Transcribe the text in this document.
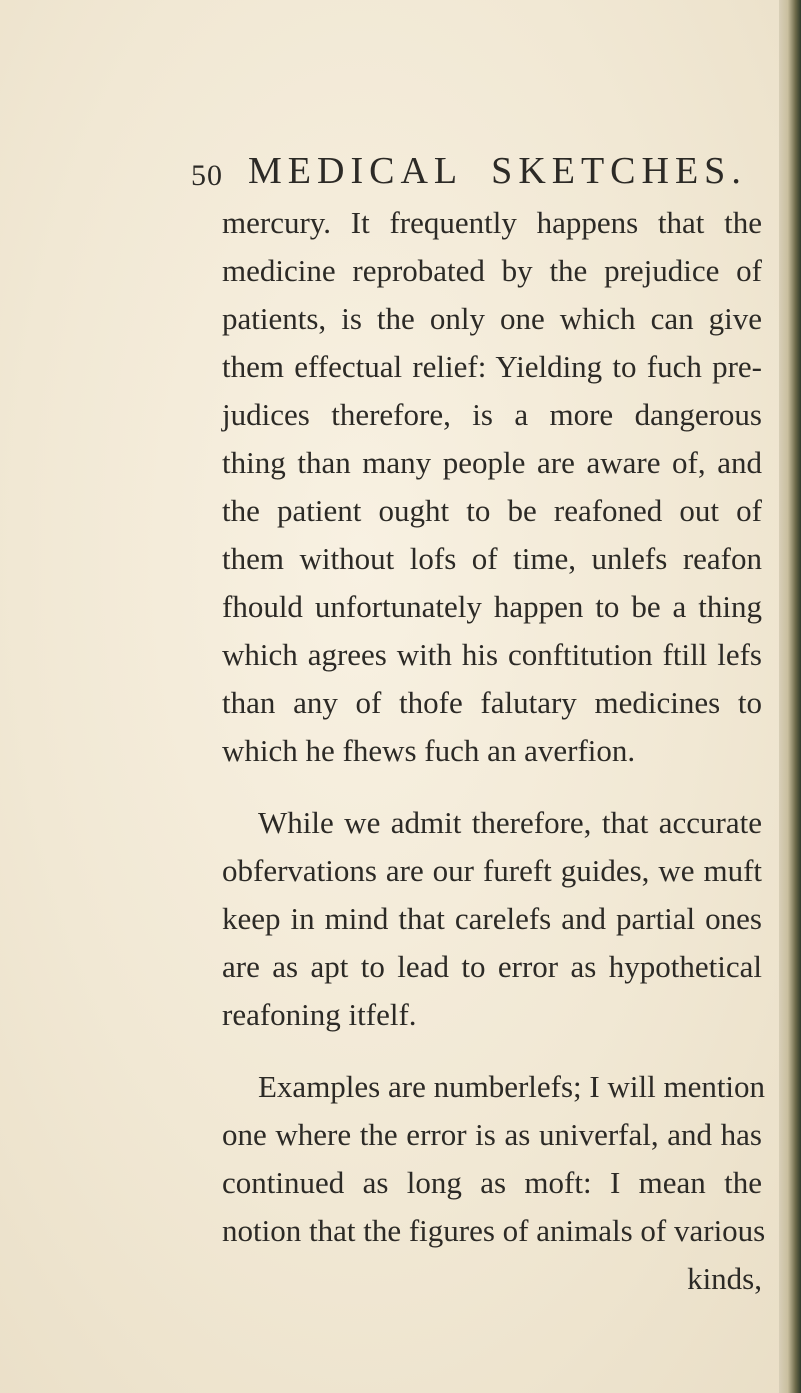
50 MEDICAL SKETCHES.
mercury. It frequently happens that the
medicine reprobated by the prejudice of
patients, is the only one which can give
them effectual relief: Yielding to fuch pre-
judices therefore, is a more dangerous
thing than many people are aware of, and
the patient ought to be reafoned out of
them without lofs of time, unlefs reafon
fhould unfortunately happen to be a thing
which agrees with his conftitution ftill lefs
than any of thofe falutary medicines to
which he fhews fuch an averfion.
While we admit therefore, that accurate
obfervations are our fureft guides, we muft
keep in mind that carelefs and partial ones
are as apt to lead to error as hypothetical
reafoning itfelf.
Examples are numberlefs; I will mention
one where the error is as univerfal, and has
continued as long as moft: I mean the
notion that the figures of animals of various
kinds,
